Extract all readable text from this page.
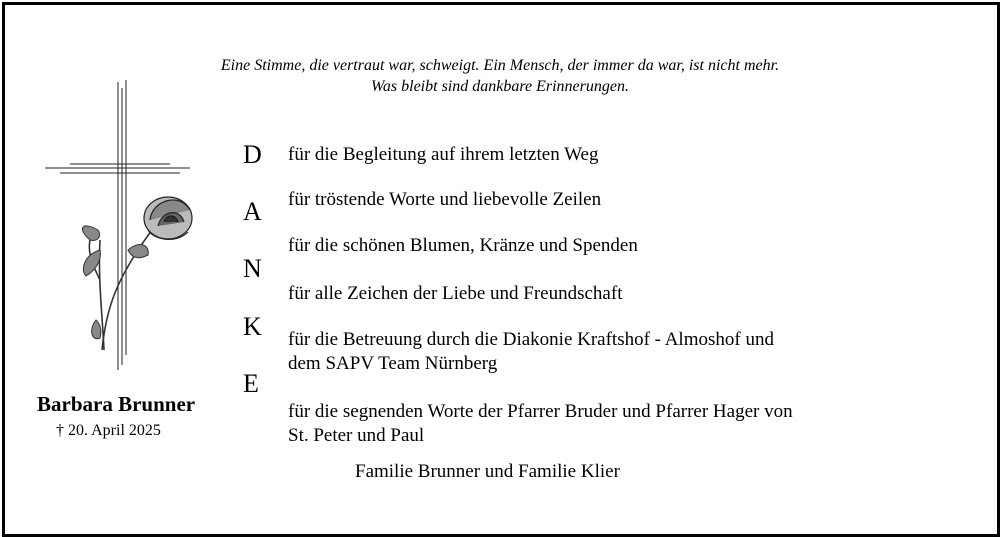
Eine Stimme, die vertraut war, schweigt. Ein Mensch, der immer da war, ist nicht mehr.
Was bleibt sind dankbare Erinnerungen.
Barbara Brunner
† 20. April 2025
D
A
N
K
E
für die Begleitung auf ihrem letzten Weg
für tröstende Worte und liebevolle Zeilen
für die schönen Blumen, Kränze und Spenden
für alle Zeichen der Liebe und Freundschaft
für die Betreuung durch die Diakonie Kraftshof - Almoshof und
dem SAPV Team Nürnberg
für die segnenden Worte der Pfarrer Bruder und Pfarrer Hager von
St. Peter und Paul
Familie Brunner und Familie Klier
